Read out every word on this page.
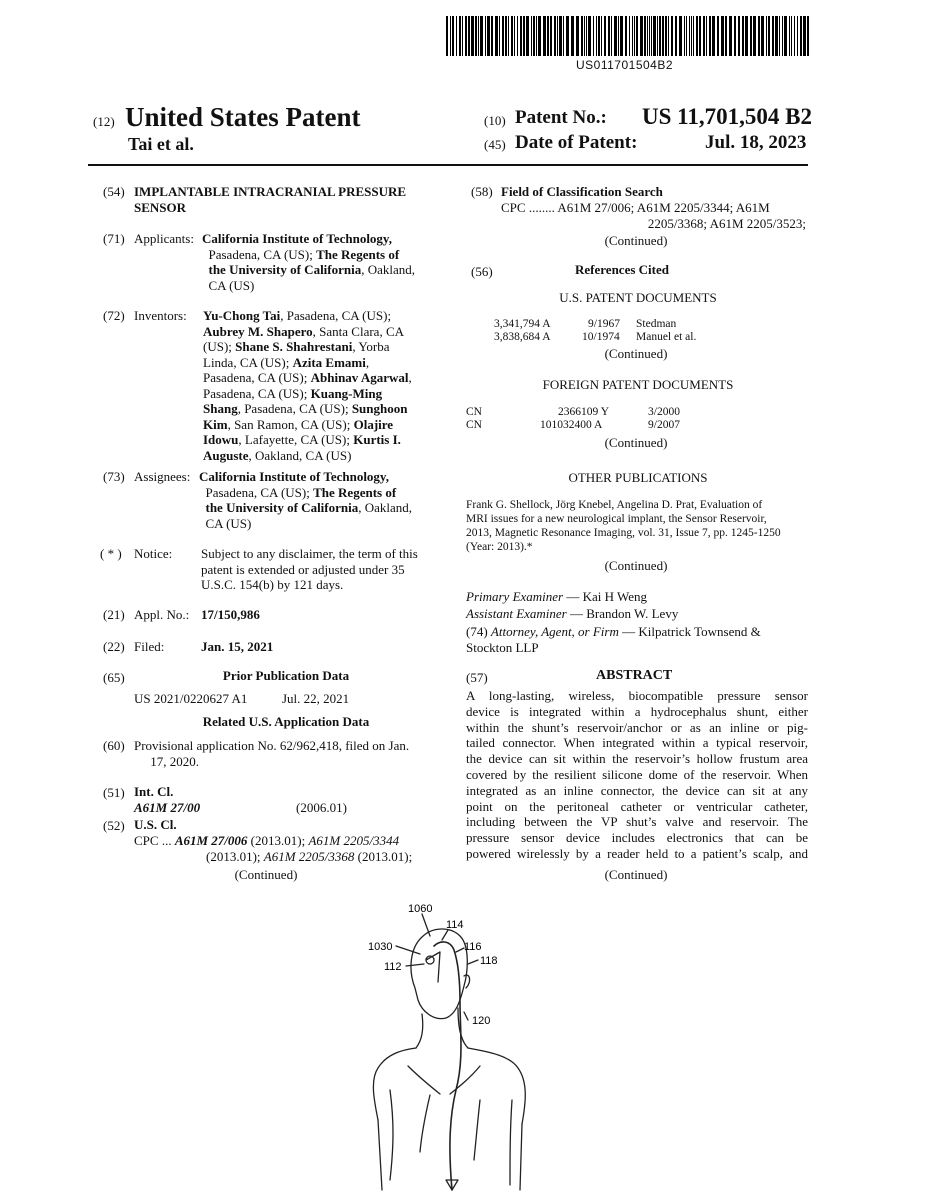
US011701504B2
(12) United States Patent
Tai et al.
(10) Patent No.: US 11,701,504 B2
(45) Date of Patent:	Jul. 18, 2023
(54) IMPLANTABLE INTRACRANIAL PRESSURE
SENSOR
(71) Applicants: California Institute of Technology,
Pasadena, CA (US); The Regents of
the University of California, Oakland,
CA (US)
(72) Inventors: Yu-Chong Tai, Pasadena, CA (US);
Aubrey M. Shapero, Santa Clara, CA
(US); Shane S. Shahrestani, Yorba
Linda, CA (US); Azita Emami,
Pasadena, CA (US); Abhinav Agarwal,
Pasadena, CA (US); Kuang-Ming
Shang, Pasadena, CA (US); Sunghoon
Kim, San Ramon, CA (US); Olajire
Idowu, Lafayette, CA (US); Kurtis I.
Auguste, Oakland, CA (US)
(73) Assignees: California Institute of Technology,
Pasadena, CA (US); The Regents of
the University of California, Oakland,
CA (US)
( * ) Notice: Subject to any disclaimer, the term of this
patent is extended or adjusted under 35
U.S.C. 154(b) by 121 days.
(21) Appl. No.: 17/150,986
(22) Filed:	Jan. 15, 2021
(65)	Prior Publication Data
US 2021/0220627 A1	Jul. 22, 2021
Related U.S. Application Data
(60) Provisional application No. 62/962,418, filed on Jan.
17, 2020.
(51) Int. Cl.
A61M 27/00	(2006.01)
(52) U.S. Cl.
CPC ... A61M 27/006 (2013.01); A61M 2205/3344
(2013.01); A61M 2205/3368 (2013.01);
(Continued)
(58) Field of Classification Search
CPC ........ A61M 27/006; A61M 2205/3344; A61M
2205/3368; A61M 2205/3523;
(Continued)
(56)	References Cited
U.S. PATENT DOCUMENTS
3,341,794 A	9/1967 Stedman
3,838,684 A	10/1974 Manuel et al.
(Continued)
FOREIGN PATENT DOCUMENTS
CN	2366109 Y	3/2000
CN	101032400 A	9/2007
(Continued)
OTHER PUBLICATIONS
Frank G. Shellock, Jörg Knebel, Angelina D. Prat, Evaluation of
MRI issues for a new neurological implant, the Sensor Reservoir,
2013, Magnetic Resonance Imaging, vol. 31, Issue 7, pp. 1245-1250
(Year: 2013).*
(Continued)
Primary Examiner — Kai H Weng
Assistant Examiner — Brandon W. Levy
(74) Attorney, Agent, or Firm — Kilpatrick Townsend &
Stockton LLP
(57)	ABSTRACT
A long-lasting, wireless, biocompatible pressure sensor
device is integrated within a hydrocephalus shunt, either
within the shunt’s reservoir/anchor or as an inline or pig-
tailed connector. When integrated within a typical reservoir,
the device can sit within the reservoir’s hollow frustum area
covered by the resilient silicone dome of the reservoir. When
integrated as an inline connector, the device can sit at any
point on the peritoneal catheter or ventricular catheter,
including between the VP shut’s valve and reservoir. The
pressure sensor device includes electronics that can be
powered wirelessly by a reader held to a patient’s scalp, and
(Continued)
1060
114
1030	116
112	118
120
